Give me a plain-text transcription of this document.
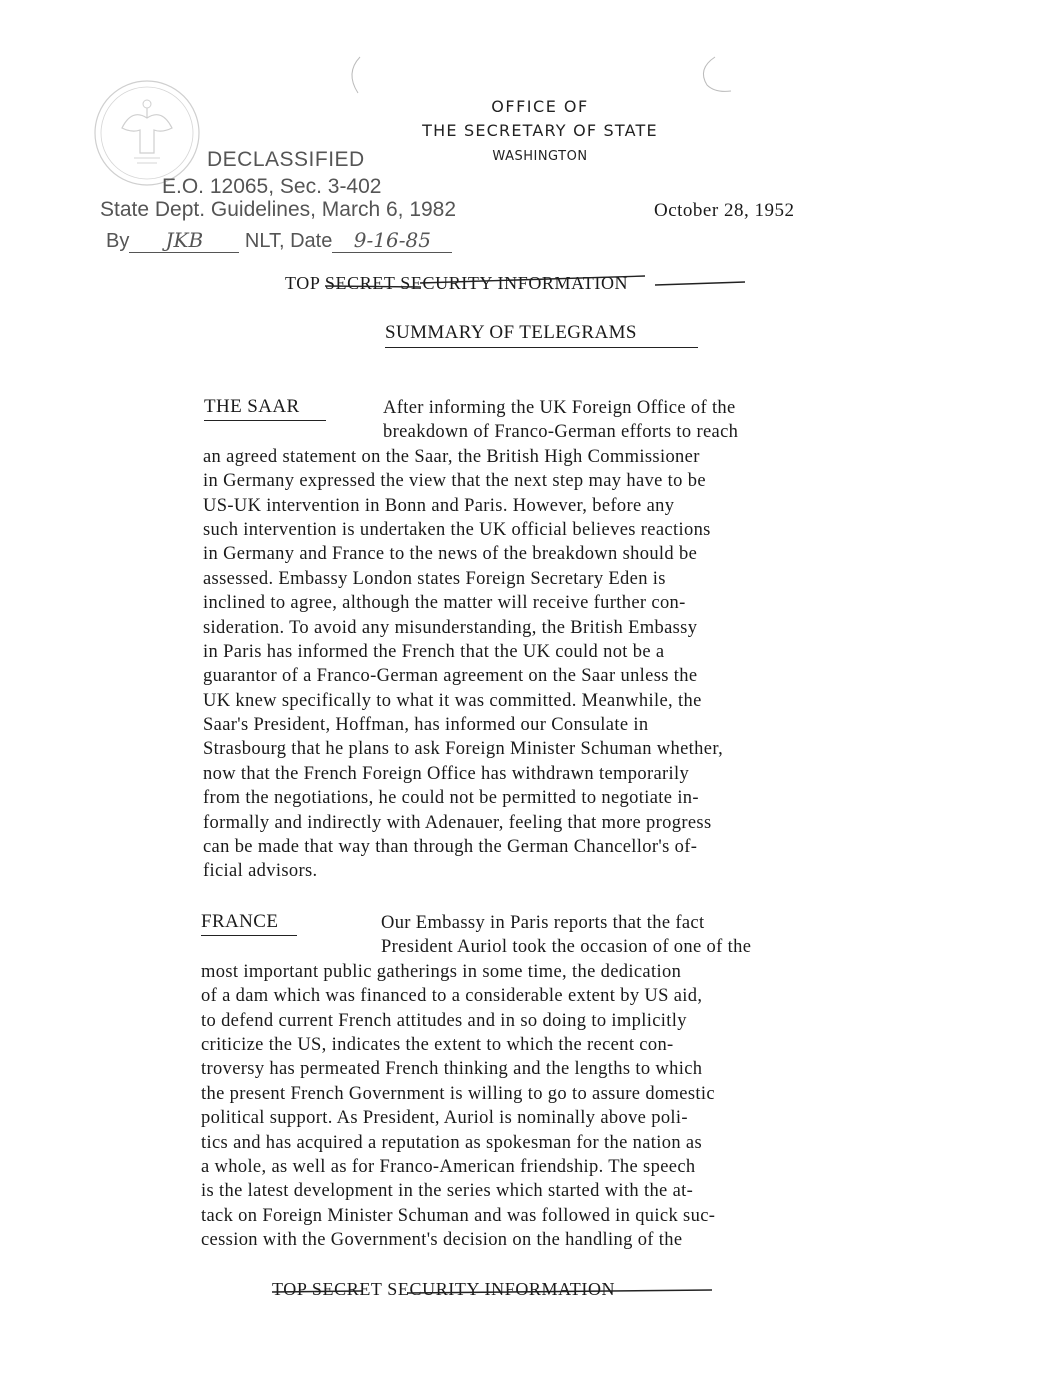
DECLASSIFIED
E.O. 12065, Sec. 3-402
State Dept. Guidelines, March 6, 1982
By JKB NLT, Date 9-16-85
OFFICE OF
THE SECRETARY OF STATE
WASHINGTON
October 28, 1952
TOP SECRET SECURITY INFORMATION
SUMMARY OF TELEGRAMS
THE SAAR	After informing the UK Foreign Office of the
breakdown of Franco-German efforts to reach
an agreed statement on the Saar, the British High Commissioner
in Germany expressed the view that the next step may have to be
US-UK intervention in Bonn and Paris. However, before any
such intervention is undertaken the UK official believes reactions
in Germany and France to the news of the breakdown should be
assessed. Embassy London states Foreign Secretary Eden is
inclined to agree, although the matter will receive further con-
sideration. To avoid any misunderstanding, the British Embassy
in Paris has informed the French that the UK could not be a
guarantor of a Franco-German agreement on the Saar unless the
UK knew specifically to what it was committed. Meanwhile, the
Saar's President, Hoffman, has informed our Consulate in
Strasbourg that he plans to ask Foreign Minister Schuman whether,
now that the French Foreign Office has withdrawn temporarily
from the negotiations, he could not be permitted to negotiate in-
formally and indirectly with Adenauer, feeling that more progress
can be made that way than through the German Chancellor's of-
ficial advisors.
FRANCE	Our Embassy in Paris reports that the fact
President Auriol took the occasion of one of the
most important public gatherings in some time, the dedication
of a dam which was financed to a considerable extent by US aid,
to defend current French attitudes and in so doing to implicitly
criticize the US, indicates the extent to which the recent con-
troversy has permeated French thinking and the lengths to which
the present French Government is willing to go to assure domestic
political support. As President, Auriol is nominally above poli-
tics and has acquired a reputation as spokesman for the nation as
a whole, as well as for Franco-American friendship. The speech
is the latest development in the series which started with the at-
tack on Foreign Minister Schuman and was followed in quick suc-
cession with the Government's decision on the handling of the
TOP SECRET SECURITY INFORMATION
